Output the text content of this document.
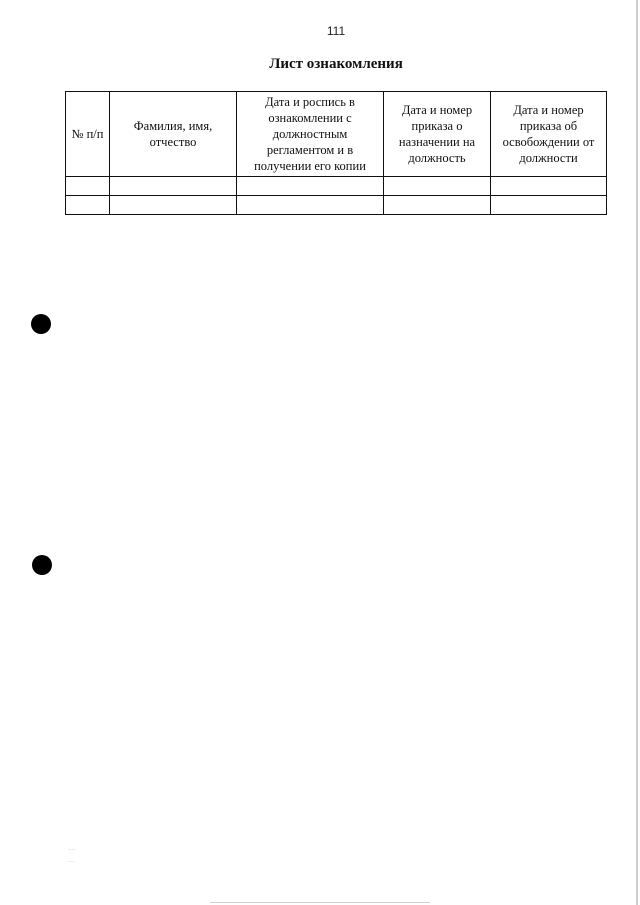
111
Лист ознакомления
№ п/п	Фамилия, имя, отчество	Дата и роспись в ознакомлении с должностным регламентом и в получении его копии	Дата и номер приказа о назначении на должность	Дата и номер приказа об освобождении от должности

...
...
